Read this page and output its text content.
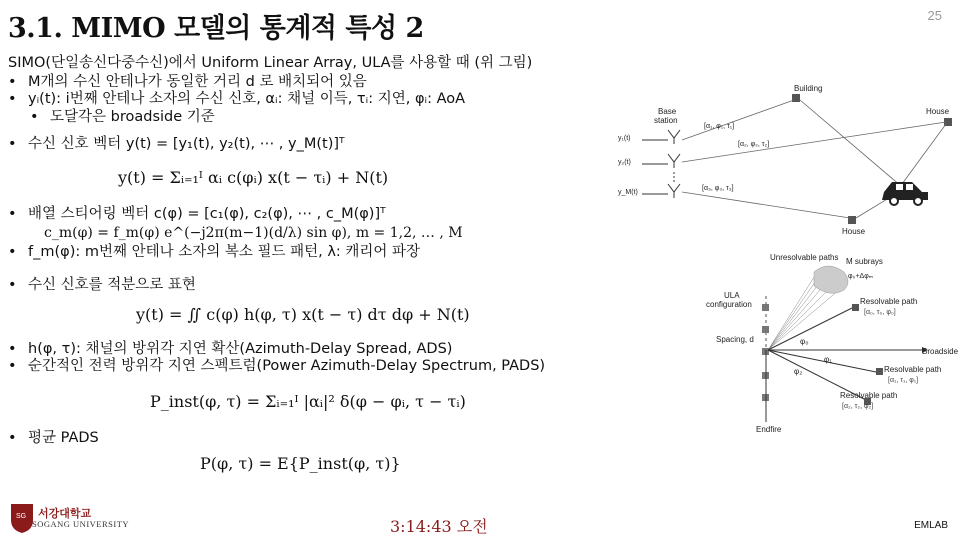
3.1. MIMO 모델의 통계적 특성 2	25
SIMO(단일송신다중수신)에서 Uniform Linear Array, ULA를 사용할 때 (위 그림)
• M개의 수신 안테나가 동일한 거리 d 로 배치되어 있음
• yᵢ(t): i번째 안테나 소자의 수신 신호, αᵢ: 채널 이득, τᵢ: 지연, φᵢ: AoA
• 도달각은 broadside 기준
• 수신 신호 벡터 y(t) = [y₁(t), y₂(t), ⋯ , y_M(t)]ᵀ
y(t) = Σᵢ₌₁ᴵ αᵢ c(φᵢ) x(t − τᵢ) + N(t)
• 배열 스티어링 벡터 c(φ) = [c₁(φ), c₂(φ), ⋯ , c_M(φ)]ᵀ
c_m(φ) = f_m(φ) e^(−j2π(m−1)(d/λ) sin φ), m = 1,2, … , M
• f_m(φ): m번째 안테나 소자의 복소 필드 패턴, λ: 캐리어 파장
• 수신 신호를 적분으로 표현
y(t) = ∬ c(φ) h(φ, τ) x(t − τ) dτ dφ + N(t)
• h(φ, τ): 채널의 방위각 지연 확산(Azimuth-Delay Spread, ADS)
• 순간적인 전력 방위각 지연 스펙트럼(Power Azimuth-Delay Spectrum, PADS)
P_inst(φ, τ) = Σᵢ₌₁ᴵ |αᵢ|² δ(φ − φᵢ, τ − τᵢ)
• 평균 PADS
P(φ, τ) = E{P_inst(φ, τ)}
Building
House
House
Base station
y₁(t)
y₂(t)
y_M(t)
[α₁, φ₁, τ₁]
[α₂, φ₂, τ₂]
[α₃, φ₃, τ₃]
ULA configuration
Spacing, d
Broadside
Endfire
Unresolvable paths M subrays
φ₀+Δφₘ
Resolvable path
[α₀, τ₀, φ₀]
Resolvable path
[α₁, τ₁, φ₁]
Resolvable path
[α₂, τ₂, φ₂]
φ₀
φ₁
φ₂
SG 서강대학교
SOGANG UNIVERSITY	3:14:43 오전	EMLAB
